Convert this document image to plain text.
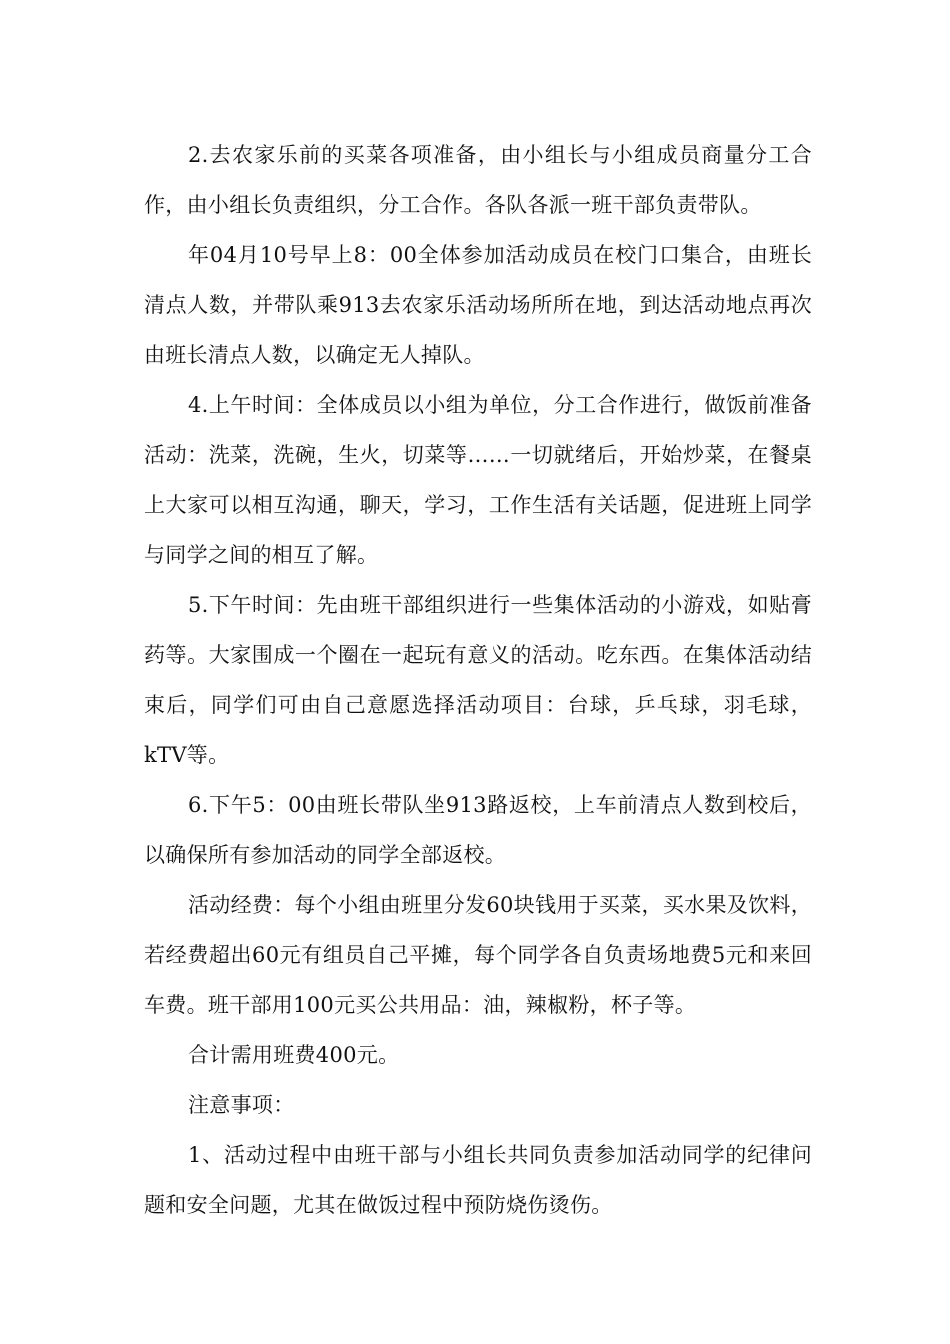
2.去农家乐前的买菜各项准备，由小组长与小组成员商量分工合作，由小组长负责组织，分工合作。各队各派一班干部负责带队。

年04月10号早上8：00全体参加活动成员在校门口集合，由班长清点人数，并带队乘913去农家乐活动场所所在地，到达活动地点再次由班长清点人数，以确定无人掉队。

4.上午时间：全体成员以小组为单位，分工合作进行，做饭前准备活动：洗菜，洗碗，生火，切菜等……一切就绪后，开始炒菜，在餐桌上大家可以相互沟通，聊天，学习，工作生活有关话题，促进班上同学与同学之间的相互了解。

5.下午时间：先由班干部组织进行一些集体活动的小游戏，如贴膏药等。大家围成一个圈在一起玩有意义的活动。吃东西。在集体活动结束后，同学们可由自己意愿选择活动项目：台球，乒乓球，羽毛球，kTV等。

6.下午5：00由班长带队坐913路返校，上车前清点人数到校后，以确保所有参加活动的同学全部返校。

活动经费：每个小组由班里分发60块钱用于买菜，买水果及饮料，若经费超出60元有组员自己平摊，每个同学各自负责场地费5元和来回车费。班干部用100元买公共用品：油，辣椒粉，杯子等。

合计需用班费400元。

注意事项：

1、活动过程中由班干部与小组长共同负责参加活动同学的纪律问题和安全问题，尤其在做饭过程中预防烧伤烫伤。
